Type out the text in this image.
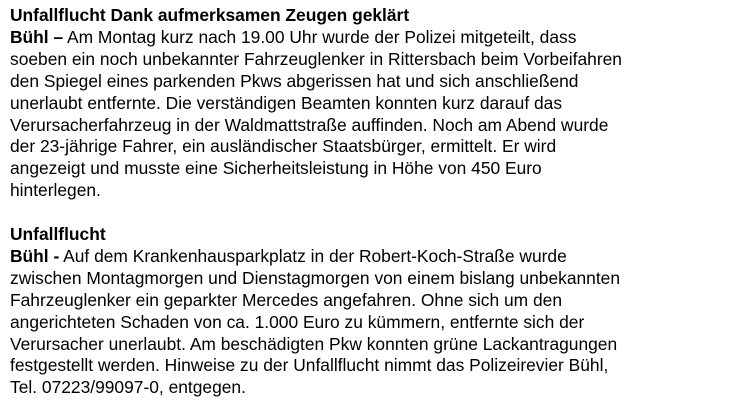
Unfallflucht Dank aufmerksamen Zeugen geklärt
Bühl – Am Montag kurz nach 19.00 Uhr wurde der Polizei mitgeteilt, dass
soeben ein noch unbekannter Fahrzeuglenker in Rittersbach beim Vorbeifahren
den Spiegel eines parkenden Pkws abgerissen hat und sich anschließend
unerlaubt entfernte. Die verständigen Beamten konnten kurz darauf das
Verursacherfahrzeug in der Waldmattstraße auffinden. Noch am Abend wurde
der 23-jährige Fahrer, ein ausländischer Staatsbürger, ermittelt. Er wird
angezeigt und musste eine Sicherheitsleistung in Höhe von 450 Euro
hinterlegen.
Unfallflucht
Bühl - Auf dem Krankenhausparkplatz in der Robert-Koch-Straße wurde
zwischen Montagmorgen und Dienstagmorgen von einem bislang unbekannten
Fahrzeuglenker ein geparkter Mercedes angefahren. Ohne sich um den
angerichteten Schaden von ca. 1.000 Euro zu kümmern, entfernte sich der
Verursacher unerlaubt. Am beschädigten Pkw konnten grüne Lackantragungen
festgestellt werden. Hinweise zu der Unfallflucht nimmt das Polizeirevier Bühl,
Tel. 07223/99097-0, entgegen.
